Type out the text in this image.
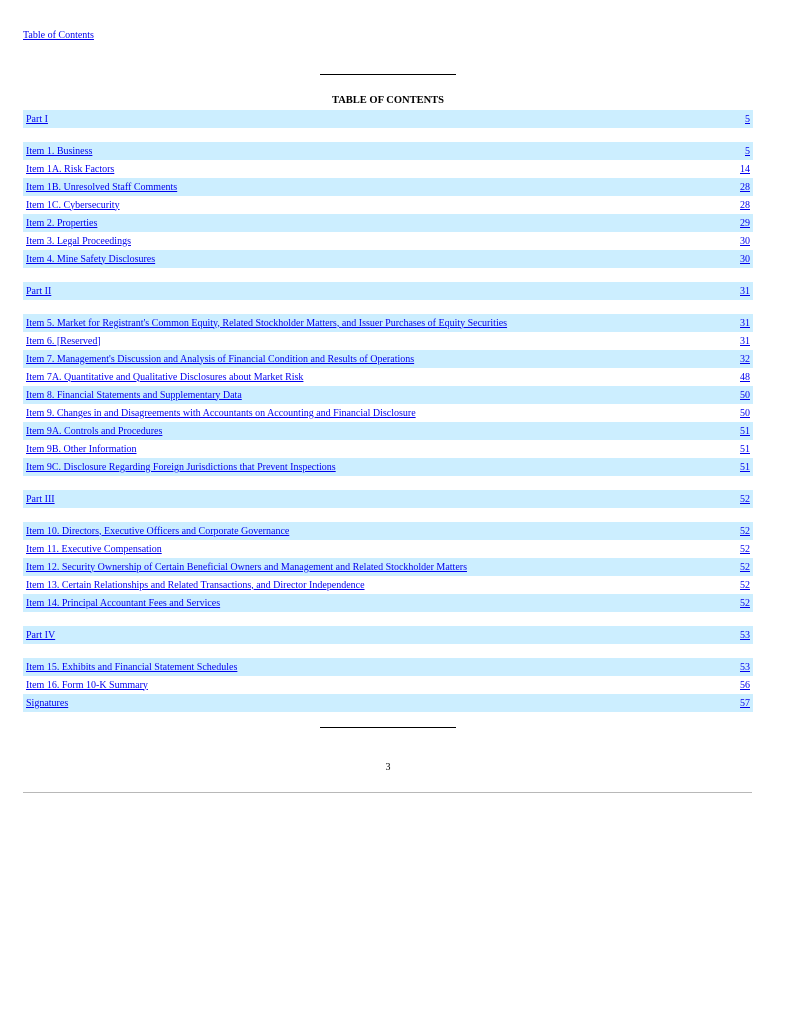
Table of Contents
TABLE OF CONTENTS
Part I	5
Item 1. Business	5
Item 1A. Risk Factors	14
Item 1B. Unresolved Staff Comments	28
Item 1C. Cybersecurity	28
Item 2. Properties	29
Item 3. Legal Proceedings	30
Item 4. Mine Safety Disclosures	30
Part II	31
Item 5. Market for Registrant's Common Equity, Related Stockholder Matters, and Issuer Purchases of Equity Securities	31
Item 6. [Reserved]	31
Item 7. Management's Discussion and Analysis of Financial Condition and Results of Operations	32
Item 7A. Quantitative and Qualitative Disclosures about Market Risk	48
Item 8. Financial Statements and Supplementary Data	50
Item 9. Changes in and Disagreements with Accountants on Accounting and Financial Disclosure	50
Item 9A. Controls and Procedures	51
Item 9B. Other Information	51
Item 9C. Disclosure Regarding Foreign Jurisdictions that Prevent Inspections	51
Part III	52
Item 10. Directors, Executive Officers and Corporate Governance	52
Item 11. Executive Compensation	52
Item 12. Security Ownership of Certain Beneficial Owners and Management and Related Stockholder Matters	52
Item 13. Certain Relationships and Related Transactions, and Director Independence	52
Item 14. Principal Accountant Fees and Services	52
Part IV	53
Item 15. Exhibits and Financial Statement Schedules	53
Item 16. Form 10-K Summary	56
Signatures	57
3
